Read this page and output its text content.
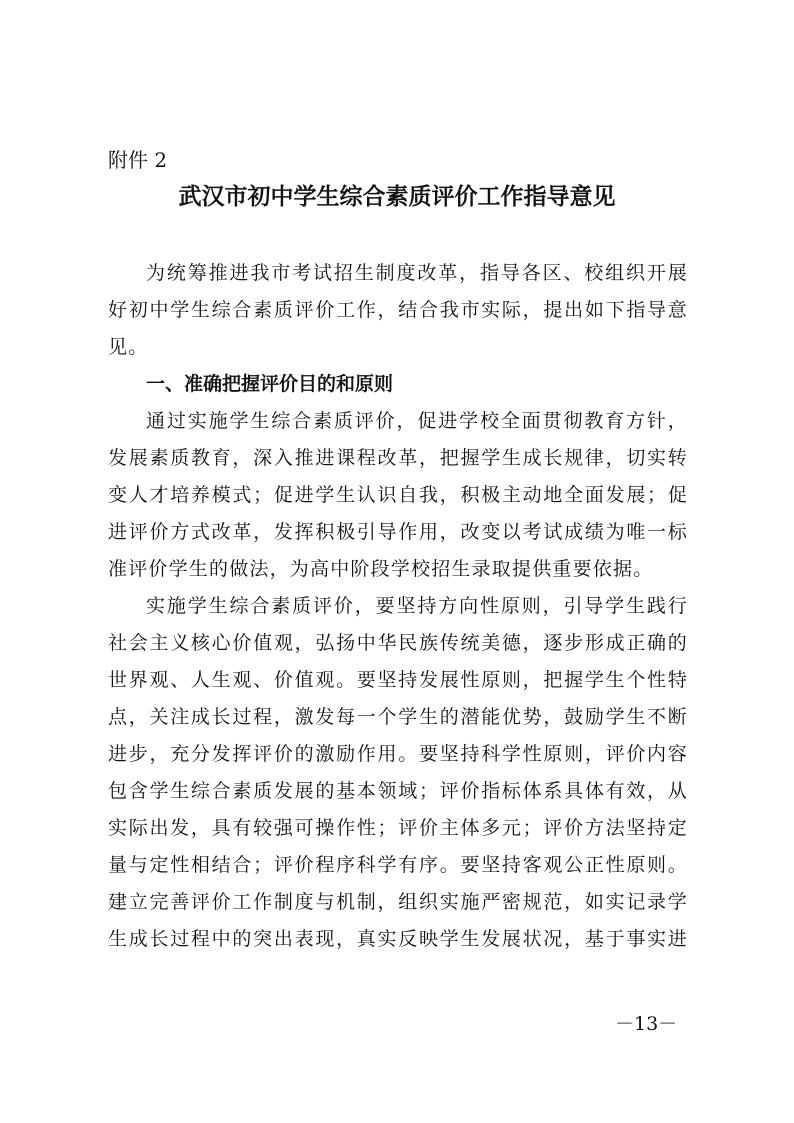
附件 2
武汉市初中学生综合素质评价工作指导意见

为统筹推进我市考试招生制度改革，指导各区、校组织开展
好初中学生综合素质评价工作，结合我市实际，提出如下指导意
见。

一、准确把握评价目的和原则

通过实施学生综合素质评价，促进学校全面贯彻教育方针，
发展素质教育，深入推进课程改革，把握学生成长规律，切实转
变人才培养模式；促进学生认识自我，积极主动地全面发展；促
进评价方式改革，发挥积极引导作用，改变以考试成绩为唯一标
准评价学生的做法，为高中阶段学校招生录取提供重要依据。

实施学生综合素质评价，要坚持方向性原则，引导学生践行
社会主义核心价值观，弘扬中华民族传统美德，逐步形成正确的
世界观、人生观、价值观。要坚持发展性原则，把握学生个性特
点，关注成长过程，激发每一个学生的潜能优势，鼓励学生不断
进步，充分发挥评价的激励作用。要坚持科学性原则，评价内容
包含学生综合素质发展的基本领域；评价指标体系具体有效，从
实际出发，具有较强可操作性；评价主体多元；评价方法坚持定
量与定性相结合；评价程序科学有序。要坚持客观公正性原则。
建立完善评价工作制度与机制，组织实施严密规范，如实记录学
生成长过程中的突出表现，真实反映学生发展状况，基于事实进

－13－
